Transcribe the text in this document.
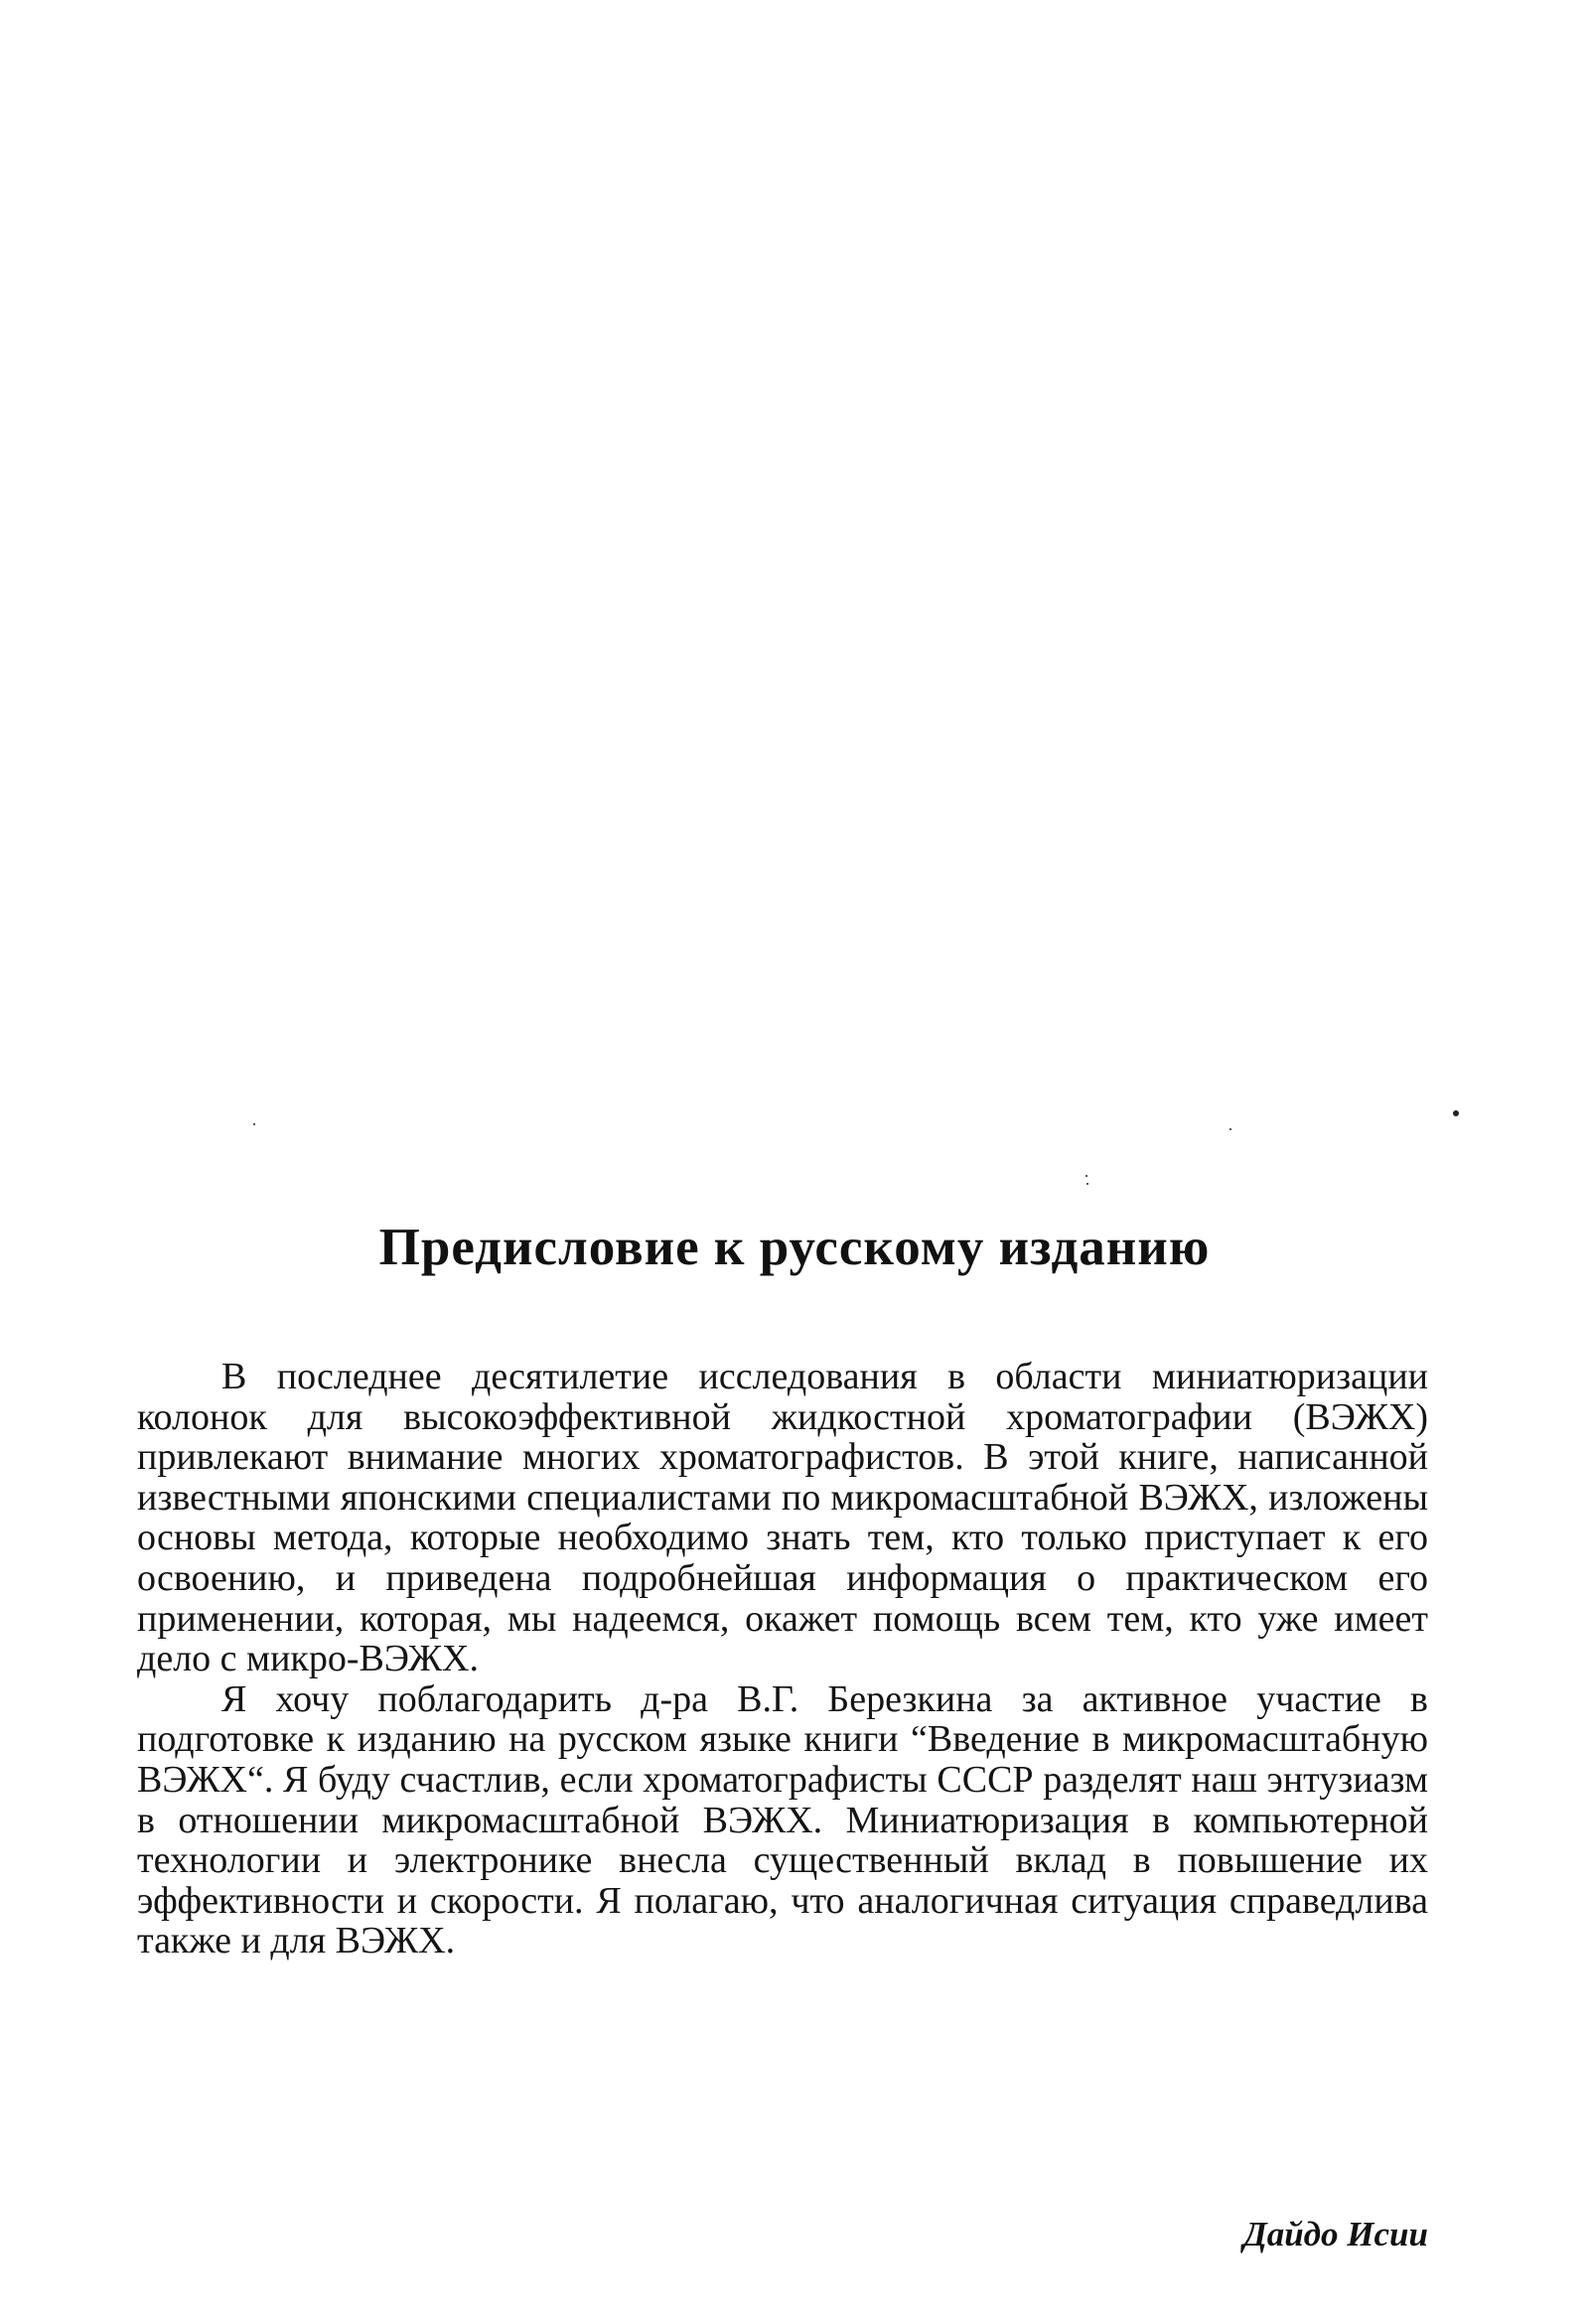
Предисловие к русскому изданию

В последнее десятилетие исследования в области миниатюризации колонок для высокоэффективной жидкостной хроматографии (ВЭЖХ) привлекают внимание многих хроматографистов. В этой книге, написанной известными японскими специалистами по микромасштабной ВЭЖХ, изложены основы метода, которые необходимо знать тем, кто только приступает к его освоению, и приведена подробнейшая информация о практическом его применении, которая, мы надеемся, окажет помощь всем тем, кто уже имеет дело с микро-ВЭЖХ.

Я хочу поблагодарить д-ра В.Г. Березкина за активное участие в подготовке к изданию на русском языке книги “Введение в микромасштабную ВЭЖХ“. Я буду счастлив, если хроматографисты СССР разделят наш энтузиазм в отношении микромасштабной ВЭЖХ. Миниатюризация в компьютерной технологии и электронике внесла существенный вклад в повышение их эффективности и скорости. Я полагаю, что аналогичная ситуация справедлива также и для ВЭЖХ.

Дайдо Исии
